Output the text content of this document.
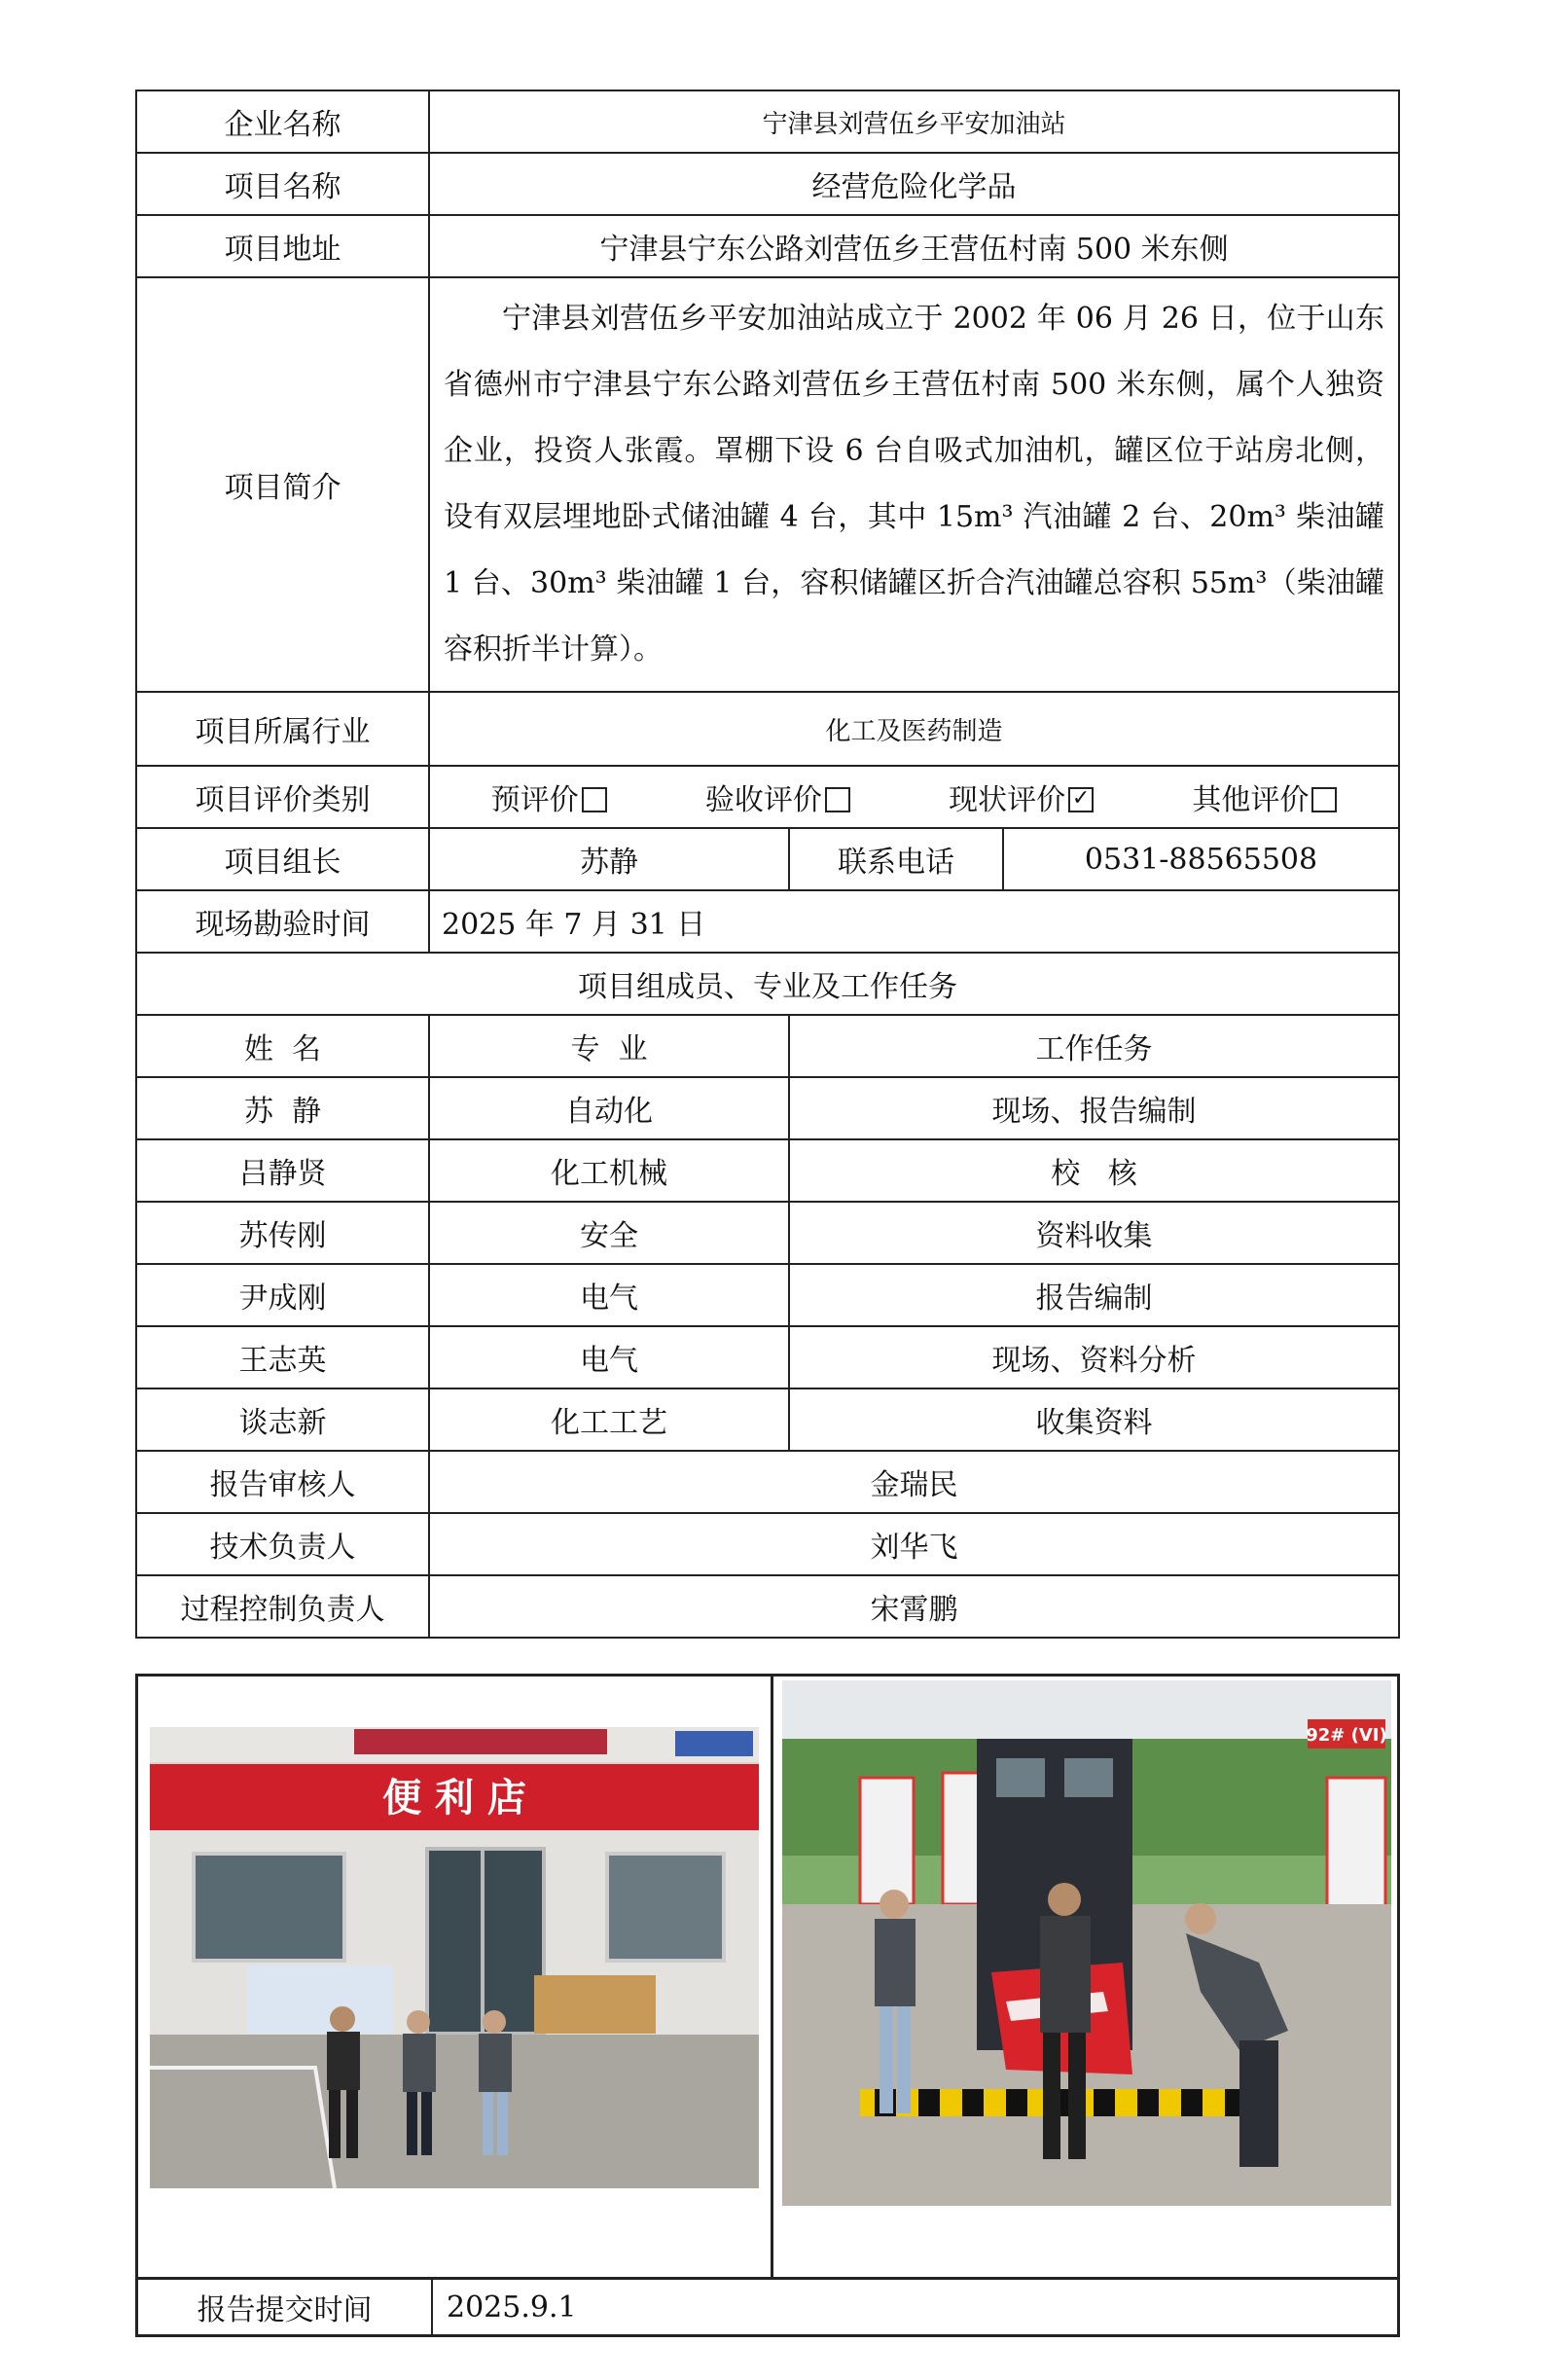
企业名称	宁津县刘营伍乡平安加油站		
项目名称	经营危险化学品		
项目地址	宁津县宁东公路刘营伍乡王营伍村南 500 米东侧		
项目简介	宁津县刘营伍乡平安加油站成立于 2002 年 06 月 26 日，位于山东省德州市宁津县宁东公路刘营伍乡王营伍村南 500 米东侧，属个人独资企业，投资人张霞。罩棚下设 6 台自吸式加油机，罐区位于站房北侧，设有双层埋地卧式储油罐 4 台，其中 15m³ 汽油罐 2 台、20m³ 柴油罐 1 台、30m³ 柴油罐 1 台，容积储罐区折合汽油罐总容积 55m³（柴油罐容积折半计算）。		

项目所属行业	化工及医药制造		
项目评价类别	预评价 验收评价 现状评价 ✓ 其他评价		

项目组长	苏静	联系电话	0531-88565508
现场勘验时间	2025 年 7 月 31 日		
项目组成员、专业及工作任务			
姓  名	专  业	工作任务
苏  静	自动化	现场、报告编制
吕静贤	化工机械	校   核
苏传刚	安全	资料收集
尹成刚	电气	报告编制
王志英	电气	现场、资料分析
谈志新	化工工艺	收集资料
报告审核人	金瑞民
技术负责人	刘华飞
过程控制负责人	宋霄鹏
便 利 店
92# (VI)
报告提交时间	2025.9.1
